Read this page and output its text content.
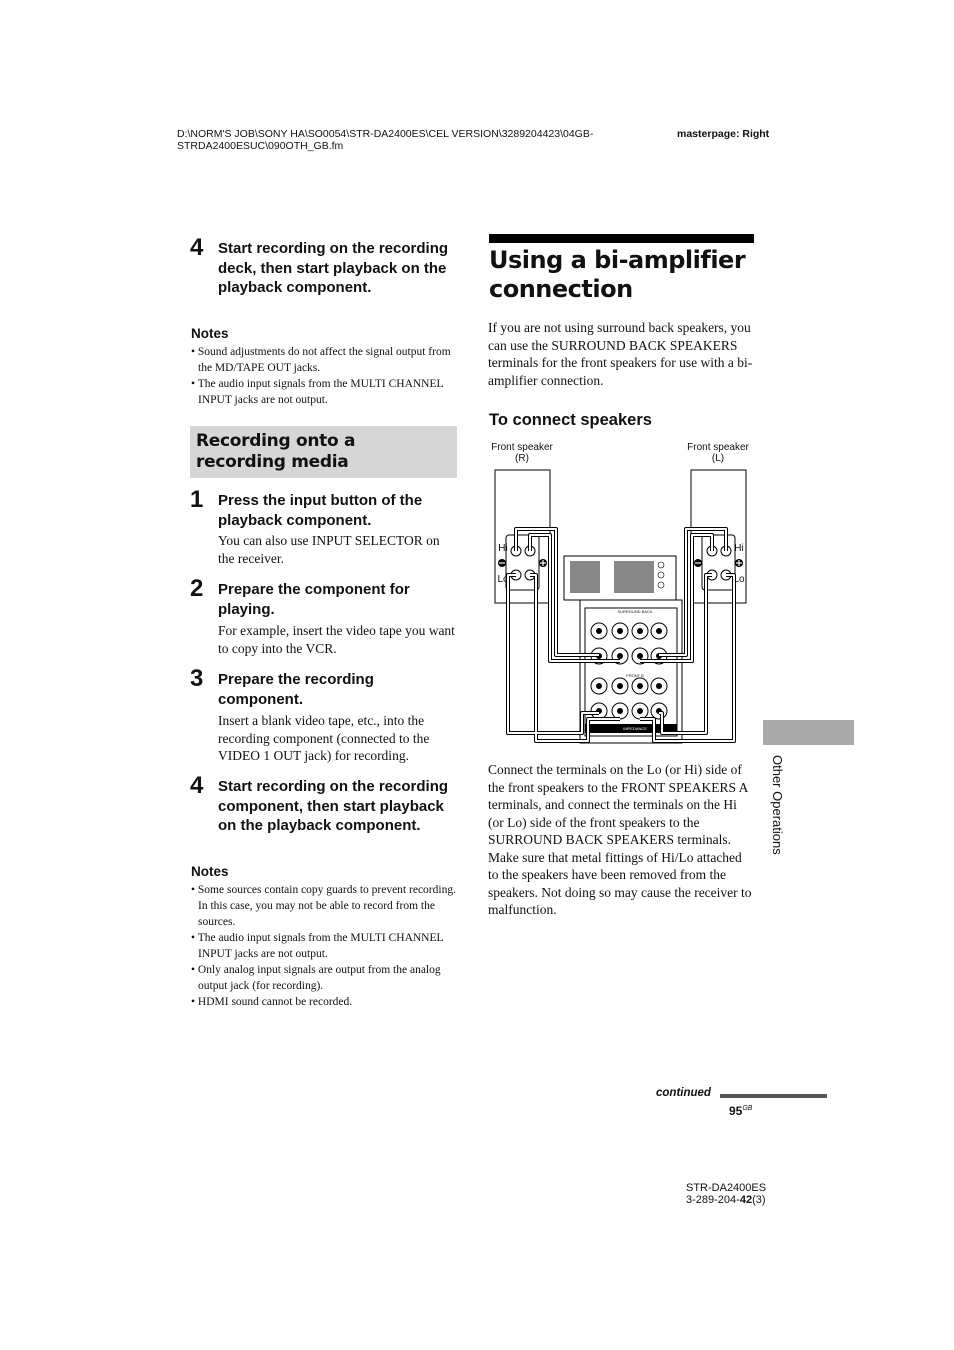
D:\NORM'S JOB\SONY HA\SO0054\STR-DA2400ES\CEL VERSION\3289204423\04GB-
STRDA2400ESUC\090OTH_GB.fm
masterpage: Right
4 Start recording on the recording deck, then start playback on the playback component.
Notes
• Sound adjustments do not affect the signal output from the MD/TAPE OUT jacks.
• The audio input signals from the MULTI CHANNEL INPUT jacks are not output.
Recording onto a recording media
1 Press the input button of the playback component.
You can also use INPUT SELECTOR on the receiver.
2 Prepare the component for playing.
For example, insert the video tape you want to copy into the VCR.
3 Prepare the recording component.
Insert a blank video tape, etc., into the recording component (connected to the VIDEO 1 OUT jack) for recording.
4 Start recording on the recording component, then start playback on the playback component.
Notes
• Some sources contain copy guards to prevent recording. In this case, you may not be able to record from the sources.
• The audio input signals from the MULTI CHANNEL INPUT jacks are not output.
• Only analog input signals are output from the analog output jack (for recording).
• HDMI sound cannot be recorded.
Using a bi-amplifier connection
If you are not using surround back speakers, you can use the SURROUND BACK SPEAKERS terminals for the front speakers for use with a bi-amplifier connection.
To connect speakers
Front speaker
(R)
Front speaker
(L)
Hi
Lo
Hi
Lo
SURROUND BACK
FRONT B
IMPEDANCE
Connect the terminals on the Lo (or Hi) side of the front speakers to the FRONT SPEAKERS A terminals, and connect the terminals on the Hi (or Lo) side of the front speakers to the SURROUND BACK SPEAKERS terminals. Make sure that metal fittings of Hi/Lo attached to the speakers have been removed from the speakers. Not doing so may cause the receiver to malfunction.
Other Operations
continued
$95^{GB}$
STR-DA2400ES
3-289-204-42(3)
